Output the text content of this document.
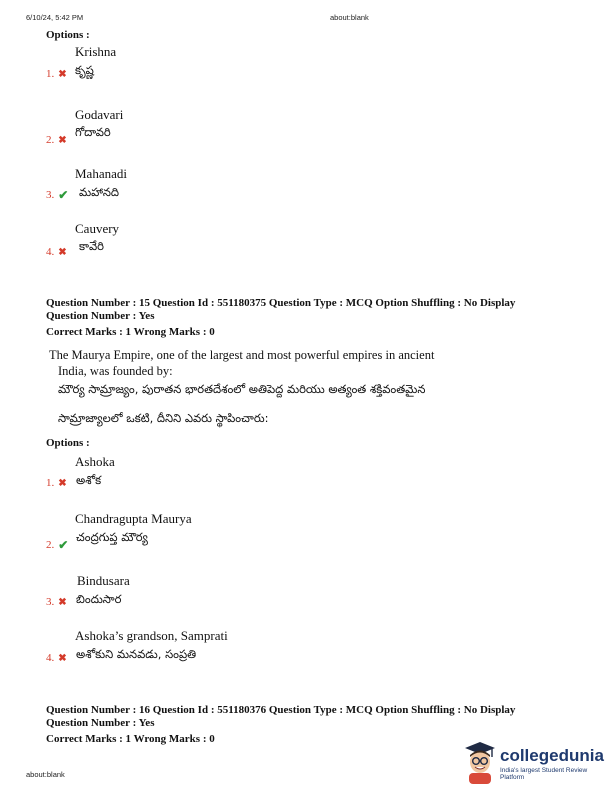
6/10/24, 5:42 PM	about:blank
Options :
Krishna
కృష్ణ
1. ✖
Godavari
గోదావరి
2. ✖
Mahanadi
మహానది
3. ✔
Cauvery
కావేరి
4. ✖
Question Number : 15 Question Id : 551180375 Question Type : MCQ Option Shuffling : No Display
Question Number : Yes
Correct Marks : 1 Wrong Marks : 0
The Maurya Empire, one of the largest and most powerful empires in ancient
India, was founded by:
మౌర్య సామ్రాజ్యం, పురాతన భారతదేశంలో అతిపెద్ద మరియు అత్యంత శక్తివంతమైన
సామ్రాజ్యాలలో ఒకటి, దీనిని ఎవరు స్థాపించారు:
Options :
Ashoka
అశోక
1. ✖
Chandragupta Maurya
చంద్రగుప్త మౌర్య
2. ✔
Bindusara
బిందుసార
3. ✖
Ashoka’s grandson, Samprati
అశోకుని మనవడు, సంప్రతి
4. ✖
Question Number : 16 Question Id : 551180376 Question Type : MCQ Option Shuffling : No Display
Question Number : Yes
Correct Marks : 1 Wrong Marks : 0
about:blank
collegedunia
India's largest Student Review Platform
